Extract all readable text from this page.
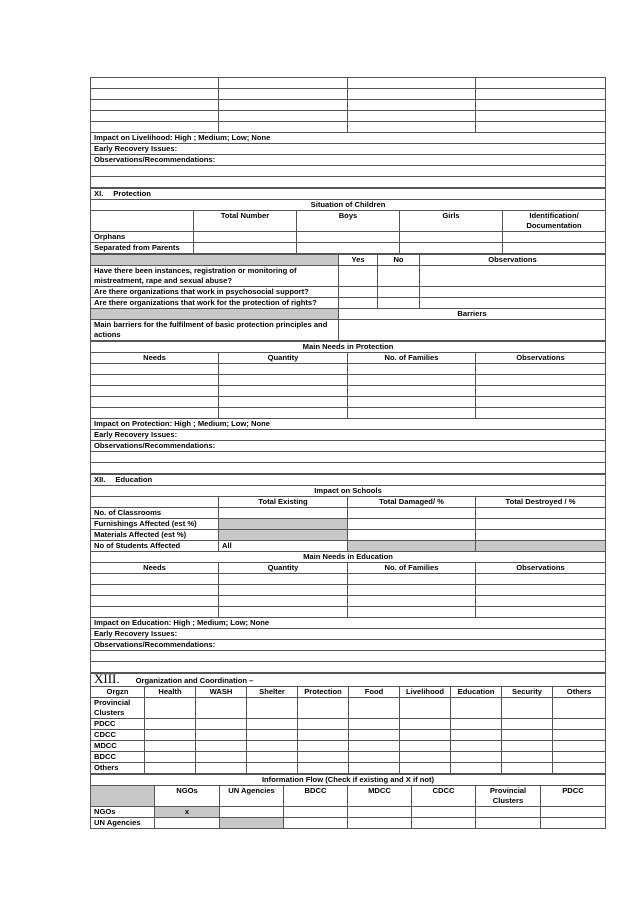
Impact on Livelihood: High ; Medium; Low; None			
Early Recovery Issues:			
Observations/Recommendations:			

XI. Protection				
Situation of Children				
	Total Number	Boys	Girls	Identification/ Documentation
Orphans				
Separated from Parents				
	Yes	No	Observations
Have there been instances, registration or monitoring of mistreatment, rape and sexual abuse?			
Are there organizations that work in psychosocial support?			
Are there organizations that work for the protection of rights?			
	Barriers		
Main barriers for the fulfilment of basic protection principles and actions			
Main Needs in Protection			
Needs	Quantity	No. of Families	Observations

Impact on Protection: High ; Medium; Low; None			
Early Recovery Issues:			
Observations/Recommendations:			

XII. Education			
Impact on Schools			
	Total Existing	Total Damaged/ %	Total Destroyed / %
No. of Classrooms			
Furnishings Affected (est %)			
Materials Affected (est %)			
No of Students Affected	All		
Main Needs in Education			
Needs	Quantity	No. of Families	Observations

Impact on Education: High ; Medium; Low; None			
Early Recovery Issues:			
Observations/Recommendations:			

XIII. Organization and Coordination –									
Orgzn	Health	WASH	Shelter	Protection	Food	Livelihood	Education	Security	Others
Provincial Clusters									
PDCC									
CDCC									
MDCC									
BDCC									
Others									
Information Flow (Check if existing and X if not)							
	NGOs	UN Agencies	BDCC	MDCC	CDCC	Provincial Clusters	PDCC
NGOs	x						
UN Agencies							
